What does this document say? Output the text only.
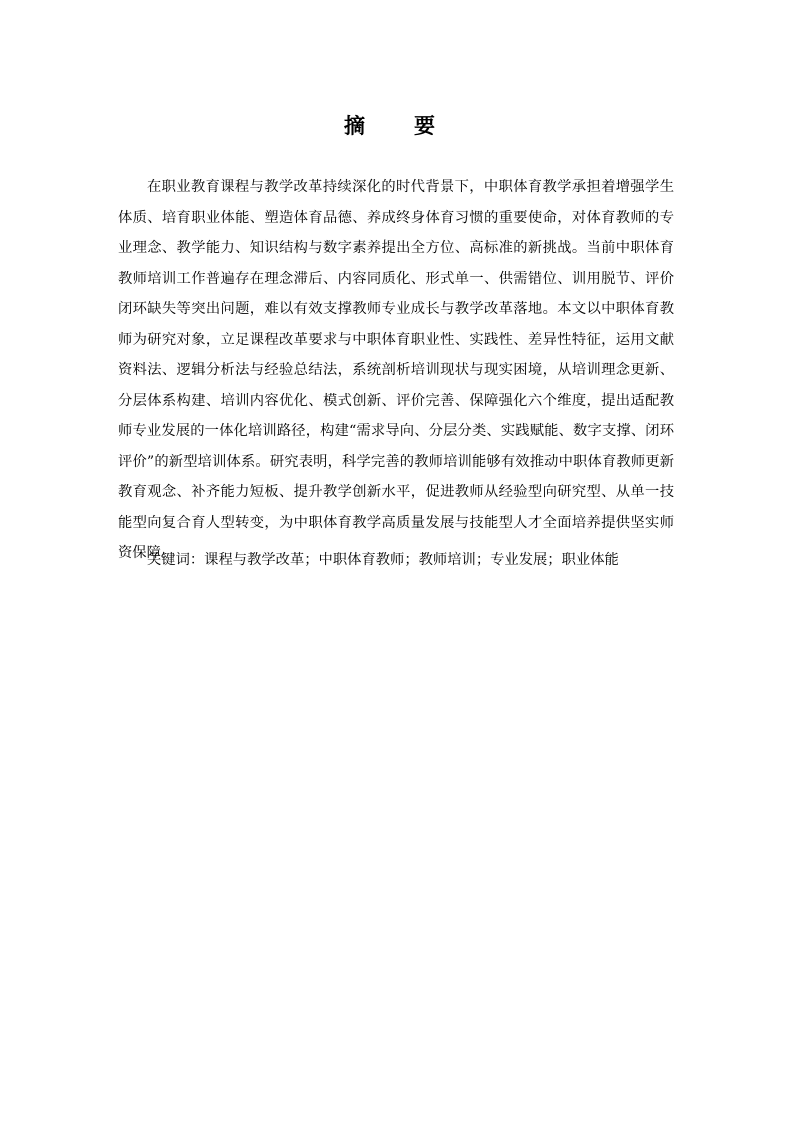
摘　要

在职业教育课程与教学改革持续深化的时代背景下，中职体育教学承担着增强学生体质、培育职业体能、塑造体育品德、养成终身体育习惯的重要使命，对体育教师的专业理念、教学能力、知识结构与数字素养提出全方位、高标准的新挑战。当前中职体育教师培训工作普遍存在理念滞后、内容同质化、形式单一、供需错位、训用脱节、评价闭环缺失等突出问题，难以有效支撑教师专业成长与教学改革落地。本文以中职体育教师为研究对象，立足课程改革要求与中职体育职业性、实践性、差异性特征，运用文献资料法、逻辑分析法与经验总结法，系统剖析培训现状与现实困境，从培训理念更新、分层体系构建、培训内容优化、模式创新、评价完善、保障强化六个维度，提出适配教师专业发展的一体化培训路径，构建“需求导向、分层分类、实践赋能、数字支撑、闭环评价”的新型培训体系。研究表明，科学完善的教师培训能够有效推动中职体育教师更新教育观念、补齐能力短板、提升教学创新水平，促进教师从经验型向研究型、从单一技能型向复合育人型转变，为中职体育教学高质量发展与技能型人才全面培养提供坚实师资保障。

关键词：课程与教学改革；中职体育教师；教师培训；专业发展；职业体能
